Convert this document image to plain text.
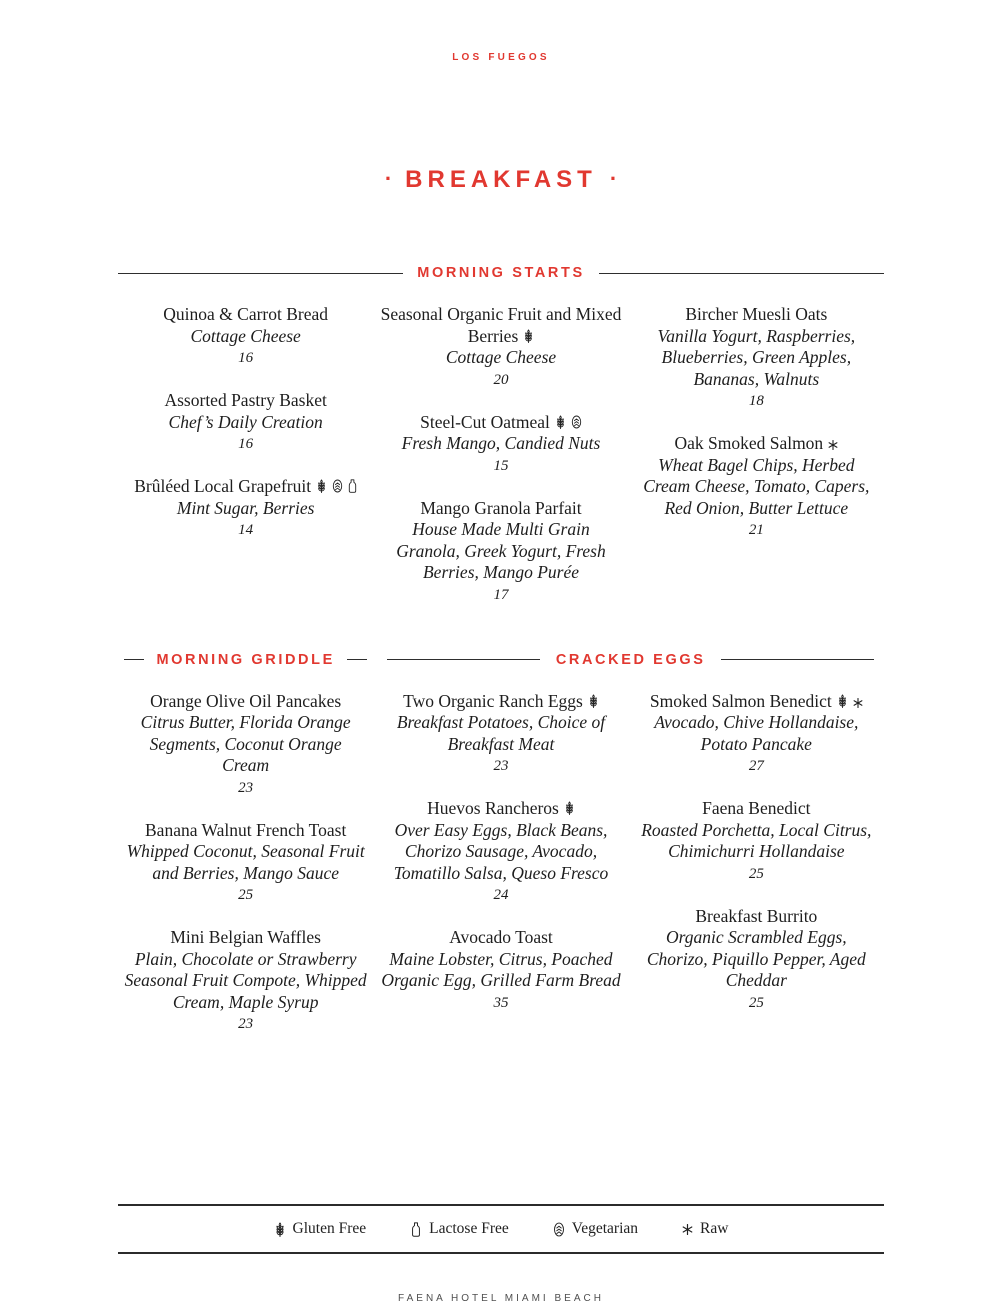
LOS FUEGOS
· BREAKFAST ·
MORNING STARTS
Quinoa & Carrot Bread
Cottage Cheese
16
Assorted Pastry Basket
Chef’s Daily Creation
16
Brûléed Local Grapefruit
Mint Sugar, Berries
14
Seasonal Organic Fruit and Mixed Berries
Cottage Cheese
20
Steel-Cut Oatmeal
Fresh Mango, Candied Nuts
15
Mango Granola Parfait
House Made Multi Grain Granola, Greek Yogurt, Fresh Berries, Mango Purée
17
Bircher Muesli Oats
Vanilla Yogurt, Raspberries, Blueberries, Green Apples, Bananas, Walnuts
18
Oak Smoked Salmon
Wheat Bagel Chips, Herbed Cream Cheese, Tomato, Capers, Red Onion, Butter Lettuce
21
MORNING GRIDDLE	CRACKED EGGS
Orange Olive Oil Pancakes
Citrus Butter, Florida Orange Segments, Coconut Orange Cream
23
Banana Walnut French Toast
Whipped Coconut, Seasonal Fruit and Berries, Mango Sauce
25
Mini Belgian Waffles
Plain, Chocolate or Strawberry Seasonal Fruit Compote, Whipped Cream, Maple Syrup
23
Two Organic Ranch Eggs
Breakfast Potatoes, Choice of Breakfast Meat
23
Huevos Rancheros
Over Easy Eggs, Black Beans, Chorizo Sausage, Avocado, Tomatillo Salsa, Queso Fresco
24
Avocado Toast
Maine Lobster, Citrus, Poached Organic Egg, Grilled Farm Bread
35
Smoked Salmon Benedict
Avocado, Chive Hollandaise, Potato Pancake
27
Faena Benedict
Roasted Porchetta, Local Citrus, Chimichurri Hollandaise
25
Breakfast Burrito
Organic Scrambled Eggs, Chorizo, Piquillo Pepper, Aged Cheddar
25
Gluten Free	Lactose Free	Vegetarian	Raw
FAENA HOTEL MIAMI BEACH
